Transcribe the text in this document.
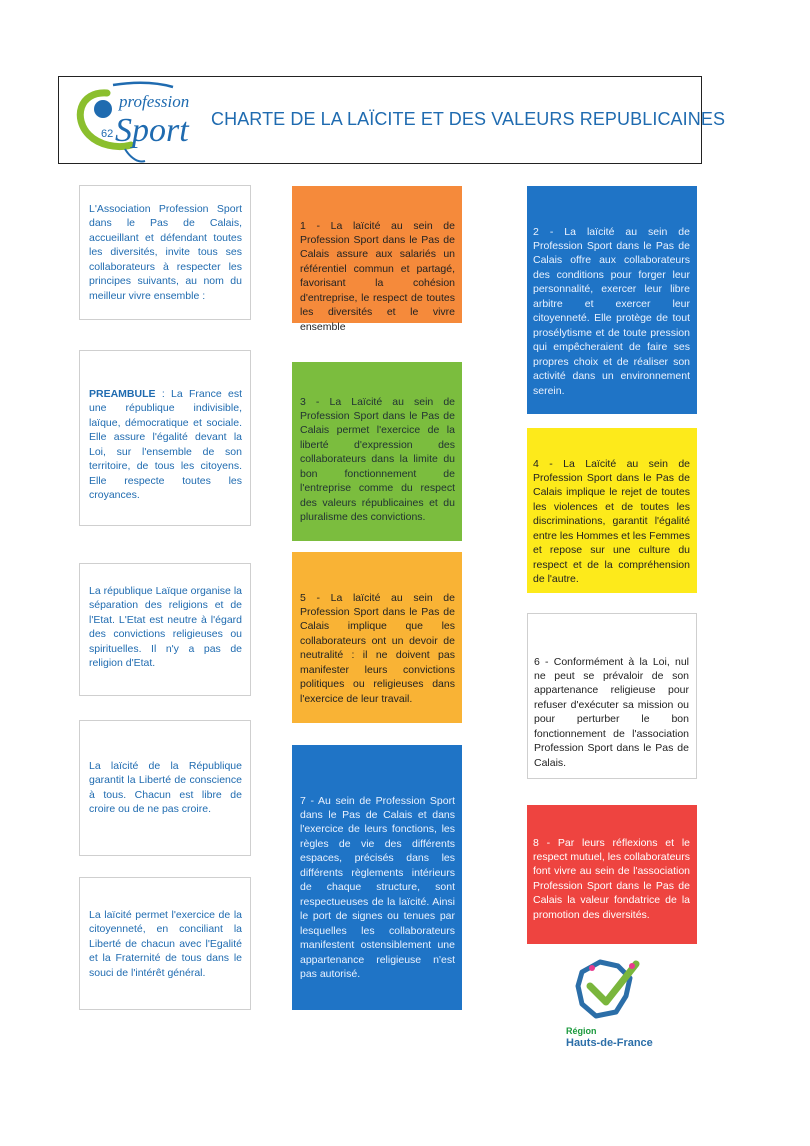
profession
Sport
62
CHARTE DE LA LAÏCITE ET DES VALEURS REPUBLICAINES

L'Association Profession Sport dans le Pas de Calais, accueillant et défendant toutes les diversités, invite tous ses collaborateurs à respecter les principes suivants, au nom du meilleur vivre ensemble :

PREAMBULE : La France est une république indivisible, laïque, démocratique et sociale. Elle assure l'égalité devant la Loi, sur l'ensemble de son territoire, de tous les citoyens. Elle respecte toutes les croyances.

La république Laïque organise la séparation des religions et de l'Etat. L'Etat est neutre à l'égard des convictions religieuses ou spirituelles. Il n'y a pas de religion d'Etat.

La laïcité de la République garantit la Liberté de conscience à tous. Chacun est libre de croire ou de ne pas croire.

La laïcité permet l'exercice de la citoyenneté, en conciliant la Liberté de chacun avec l'Egalité et la Fraternité de tous dans le souci de l'intérêt général.

1 - La laïcité au sein de Profession Sport dans le Pas de Calais assure aux salariés un référentiel commun et partagé, favorisant la cohésion d'entreprise, le respect de toutes les diversités et le vivre ensemble

3 - La Laïcité au sein de Profession Sport dans le Pas de Calais permet l'exercice de la liberté d'expression des collaborateurs dans la limite du bon fonctionnement de l'entreprise comme du respect des valeurs républicaines et du pluralisme des convictions.

5 - La laïcité au sein de Profession Sport dans le Pas de Calais implique que les collaborateurs ont un devoir de neutralité : il ne doivent pas manifester leurs convictions politiques ou religieuses dans l'exercice de leur travail.

7 - Au sein de Profession Sport dans le Pas de Calais et dans l'exercice de leurs fonctions, les règles de vie des différents espaces, précisés dans les différents règlements intérieurs de chaque structure, sont respectueuses de la laïcité. Ainsi le port de signes ou tenues par lesquelles les collaborateurs manifestent ostensiblement une appartenance religieuse n'est pas autorisé.

2 - La laïcité au sein de Profession Sport dans le Pas de Calais offre aux collaborateurs des conditions pour forger leur personnalité, exercer leur libre arbitre et exercer leur citoyenneté. Elle protège de tout prosélytisme et de toute pression qui empêcheraient de faire ses propres choix et de réaliser son activité dans un environnement serein.

4 - La Laïcité au sein de Profession Sport dans le Pas de Calais implique le rejet de toutes les violences et de toutes les discriminations, garantit l'égalité entre les Hommes et les Femmes et repose sur une culture du respect et de la compréhension de l'autre.

6 - Conformément à la Loi, nul ne peut se prévaloir de son appartenance religieuse pour refuser d'exécuter sa mission ou pour perturber le bon fonctionnement de l'association Profession Sport dans le Pas de Calais.

8 - Par leurs réflexions et le respect mutuel, les collaborateurs font vivre au sein de l'association Profession Sport dans le Pas de Calais la valeur fondatrice de la promotion des diversités.

Région
Hauts-de-France
